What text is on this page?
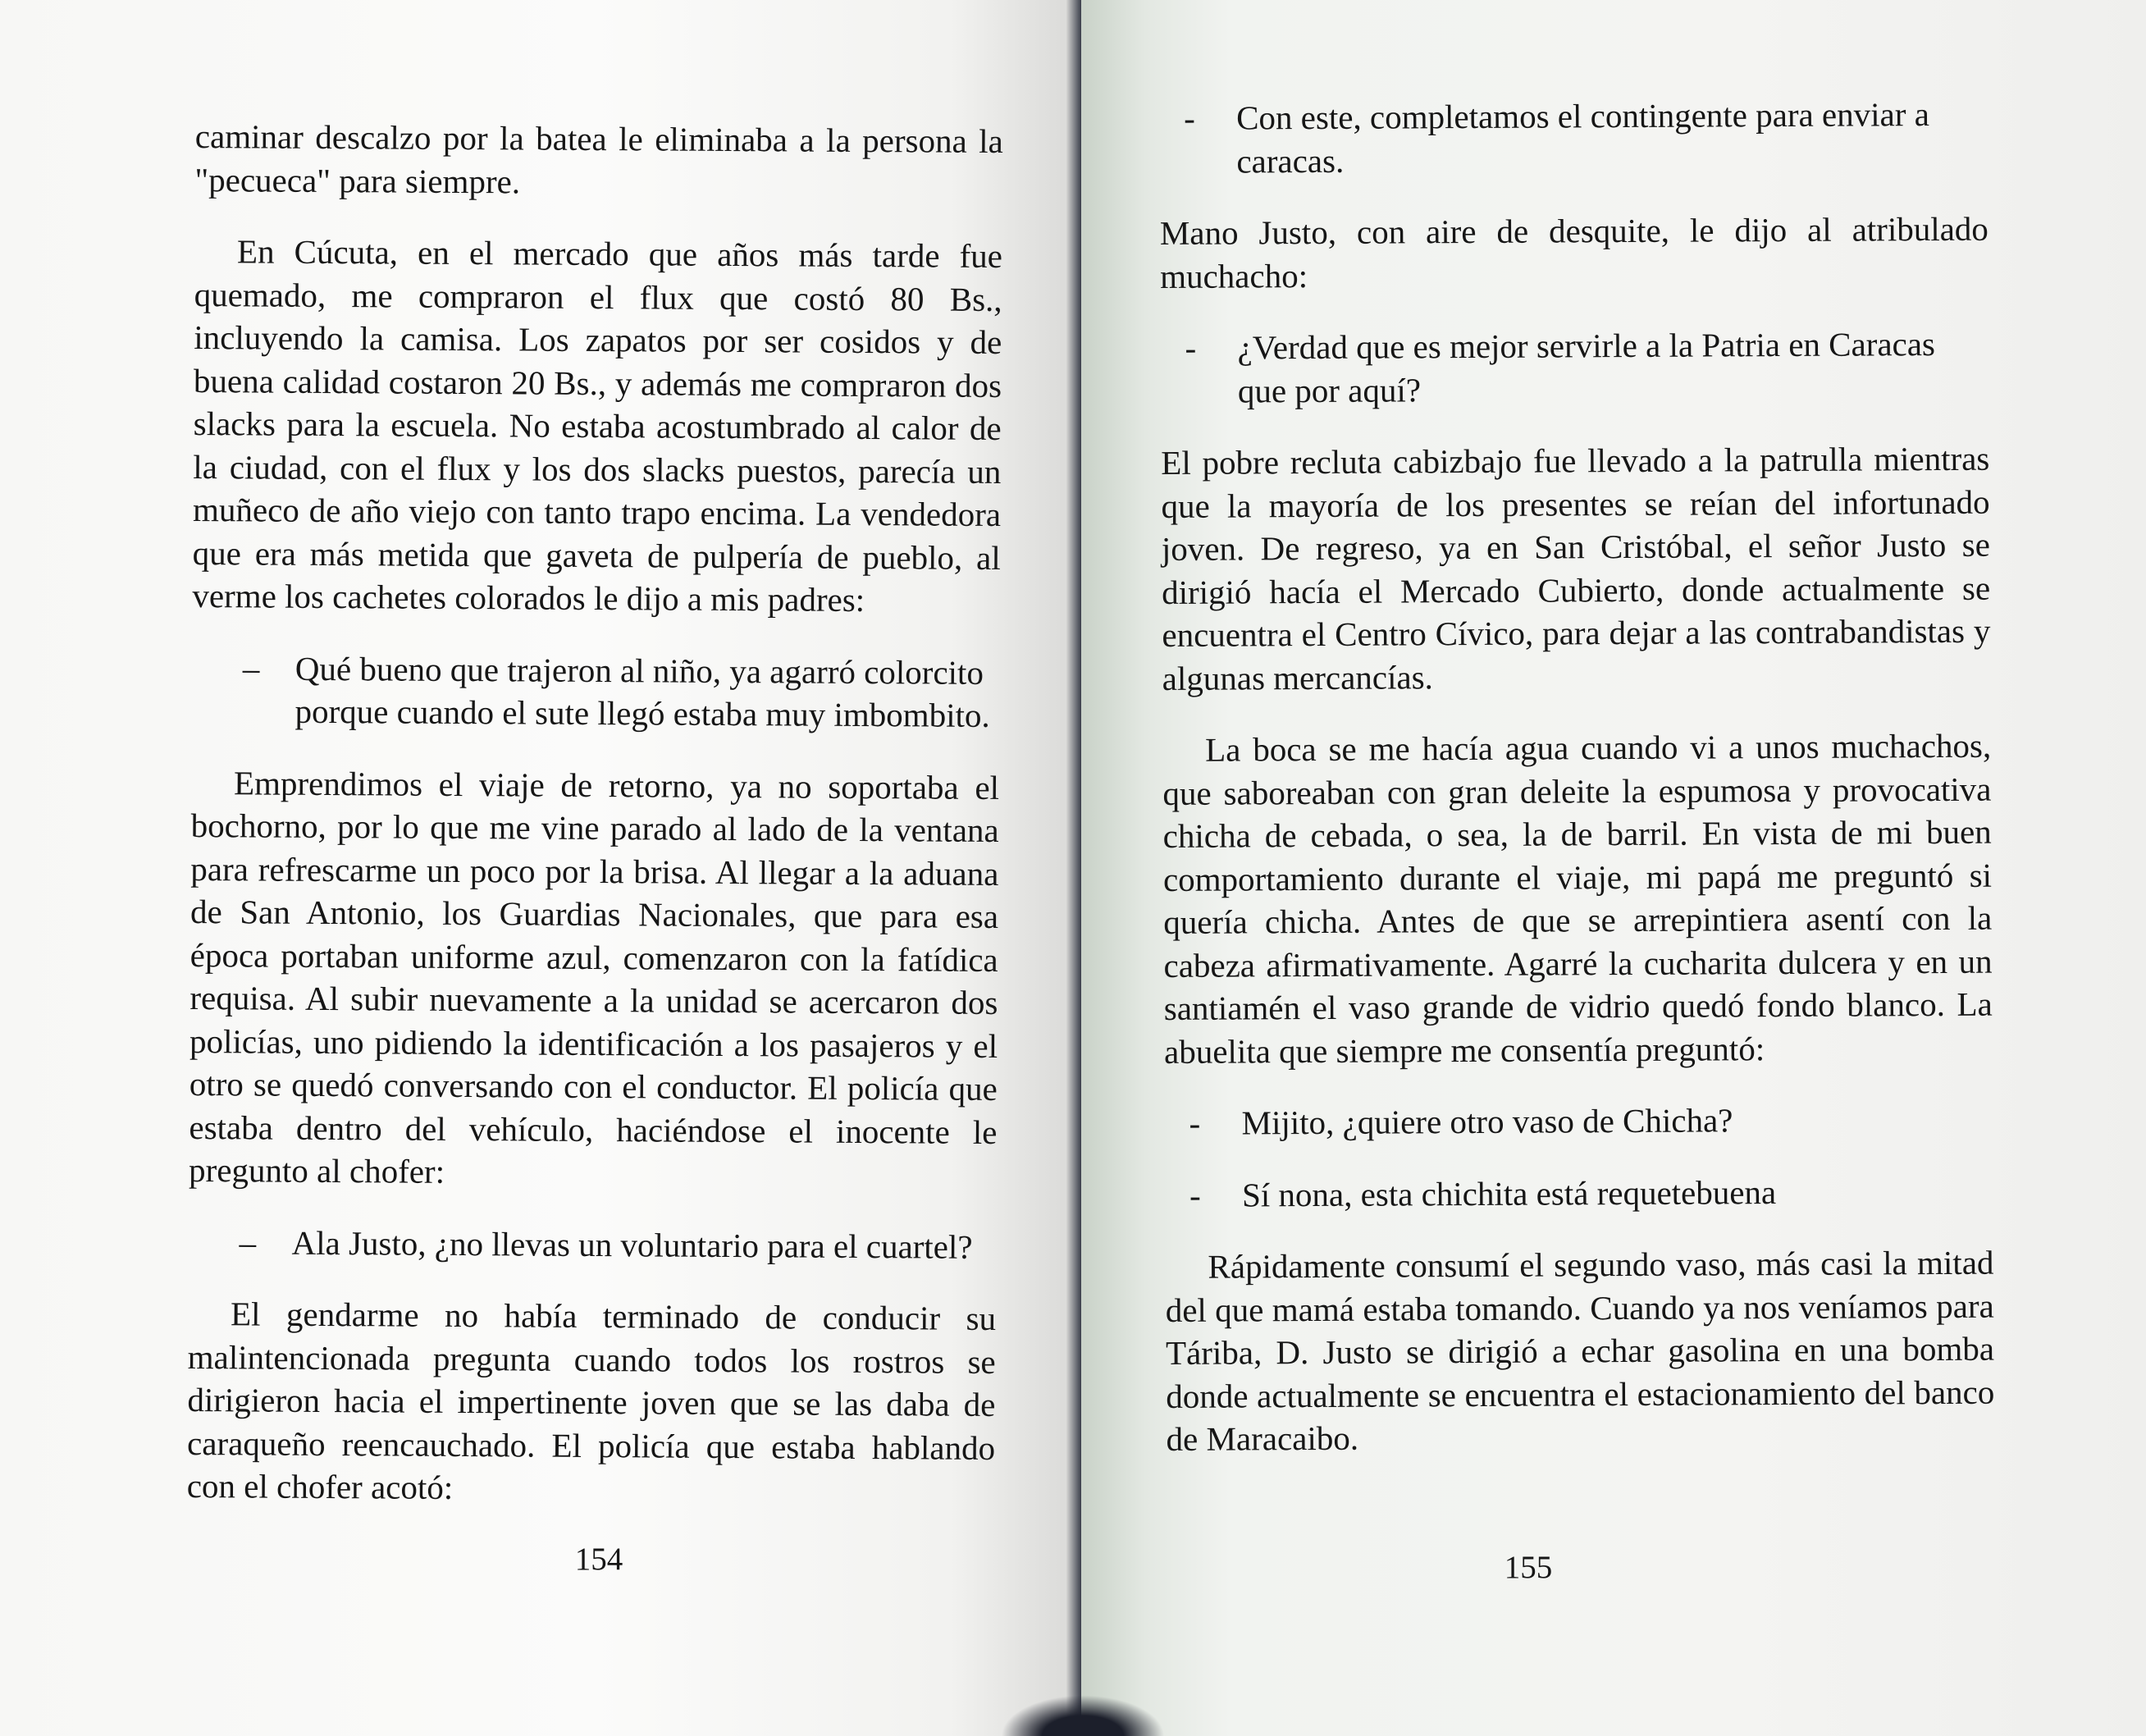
caminar descalzo por la batea le eliminaba a la persona la "pecueca" para siempre.

En Cúcuta, en el mercado que años más tarde fue quemado, me compraron el flux que costó 80 Bs., incluyendo la camisa. Los zapatos por ser cosidos y de buena calidad costaron 20 Bs., y además me compraron dos slacks para la escuela. No estaba acostumbrado al calor de la ciudad, con el flux y los dos slacks puestos, parecía un muñeco de año viejo con tanto trapo encima. La vendedora que era más metida que gaveta de pulpería de pueblo, al verme los cachetes colorados le dijo a mis padres:

–	Qué bueno que trajeron al niño, ya agarró colorcito porque cuando el sute llegó estaba muy imbombito.

Emprendimos el viaje de retorno, ya no soportaba el bochorno, por lo que me vine parado al lado de la ventana para refrescarme un poco por la brisa. Al llegar a la aduana de San Antonio, los Guardias Nacionales, que para esa época portaban uniforme azul, comenzaron con la fatídica requisa. Al subir nuevamente a la unidad se acercaron dos policías, uno pidiendo la identificación a los pasajeros y el otro se quedó conversando con el conductor. El policía que estaba dentro del vehículo, haciéndose el inocente le pregunto al chofer:

–	Ala Justo, ¿no llevas un voluntario para el cuartel?

El gendarme no había terminado de conducir su malintencionada pregunta cuando todos los rostros se dirigieron hacia el impertinente joven que se las daba de caraqueño reencauchado. El policía que estaba hablando con el chofer acotó:

154
-	Con este, completamos el contingente para enviar a caracas.

Mano Justo, con aire de desquite, le dijo al atribulado muchacho:

-	¿Verdad que es mejor servirle a la Patria en Caracas que por aquí?

El pobre recluta cabizbajo fue llevado a la patrulla mientras que la mayoría de los presentes se reían del infortunado joven. De regreso, ya en San Cristóbal, el señor Justo se dirigió hacía el Mercado Cubierto, donde actualmente se encuentra el Centro Cívico, para dejar a las contrabandistas y algunas mercancías.

La boca se me hacía agua cuando vi a unos muchachos, que saboreaban con gran deleite la espumosa y provocativa chicha de cebada, o sea, la de barril. En vista de mi buen comportamiento durante el viaje, mi papá me preguntó si quería chicha. Antes de que se arrepintiera asentí con la cabeza afirmativamente. Agarré la cucharita dulcera y en un santiamén el vaso grande de vidrio quedó fondo blanco. La abuelita que siempre me consentía preguntó:

-	Mijito, ¿quiere otro vaso de Chicha?
-	Sí nona, esta chichita está requetebuena

Rápidamente consumí el segundo vaso, más casi la mitad del que mamá estaba tomando. Cuando ya nos veníamos para Táriba, D. Justo se dirigió a echar gasolina en una bomba donde actualmente se encuentra el estacionamiento del banco de Maracaibo.

155
